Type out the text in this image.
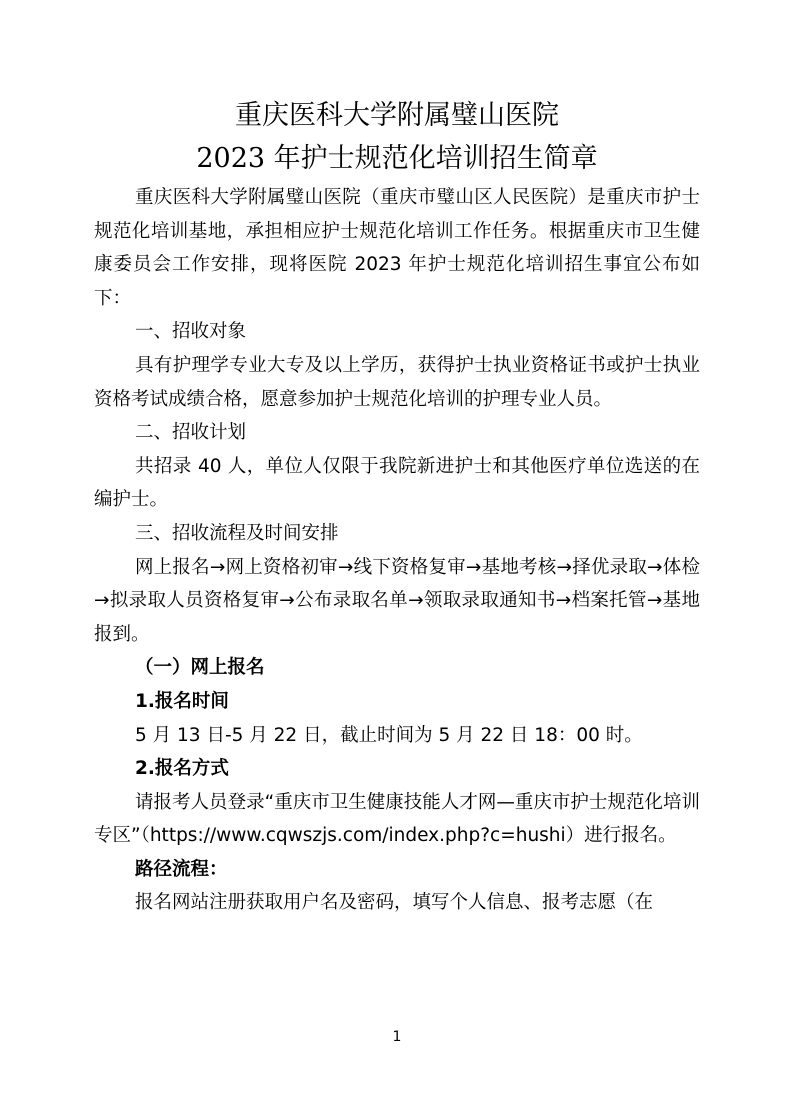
重庆医科大学附属璧山医院
2023 年护士规范化培训招生简章

重庆医科大学附属璧山医院（重庆市璧山区人民医院）是重庆市护士规范化培训基地，承担相应护士规范化培训工作任务。根据重庆市卫生健康委员会工作安排，现将医院 2023 年护士规范化培训招生事宜公布如下：

一、招收对象

具有护理学专业大专及以上学历，获得护士执业资格证书或护士执业资格考试成绩合格，愿意参加护士规范化培训的护理专业人员。

二、招收计划

共招录 40 人，单位人仅限于我院新进护士和其他医疗单位选送的在编护士。

三、招收流程及时间安排

网上报名→网上资格初审→线下资格复审→基地考核→择优录取→体检→拟录取人员资格复审→公布录取名单→领取录取通知书→档案托管→基地报到。

（一）网上报名

1.报名时间

5 月 13 日-5 月 22 日，截止时间为 5 月 22 日 18：00 时。

2.报名方式

请报考人员登录“重庆市卫生健康技能人才网—重庆市护士规范化培训专区”（https://www.cqwszjs.com/index.php?c=hushi）进行报名。

路径流程：

报名网站注册获取用户名及密码，填写个人信息、报考志愿（在

1
